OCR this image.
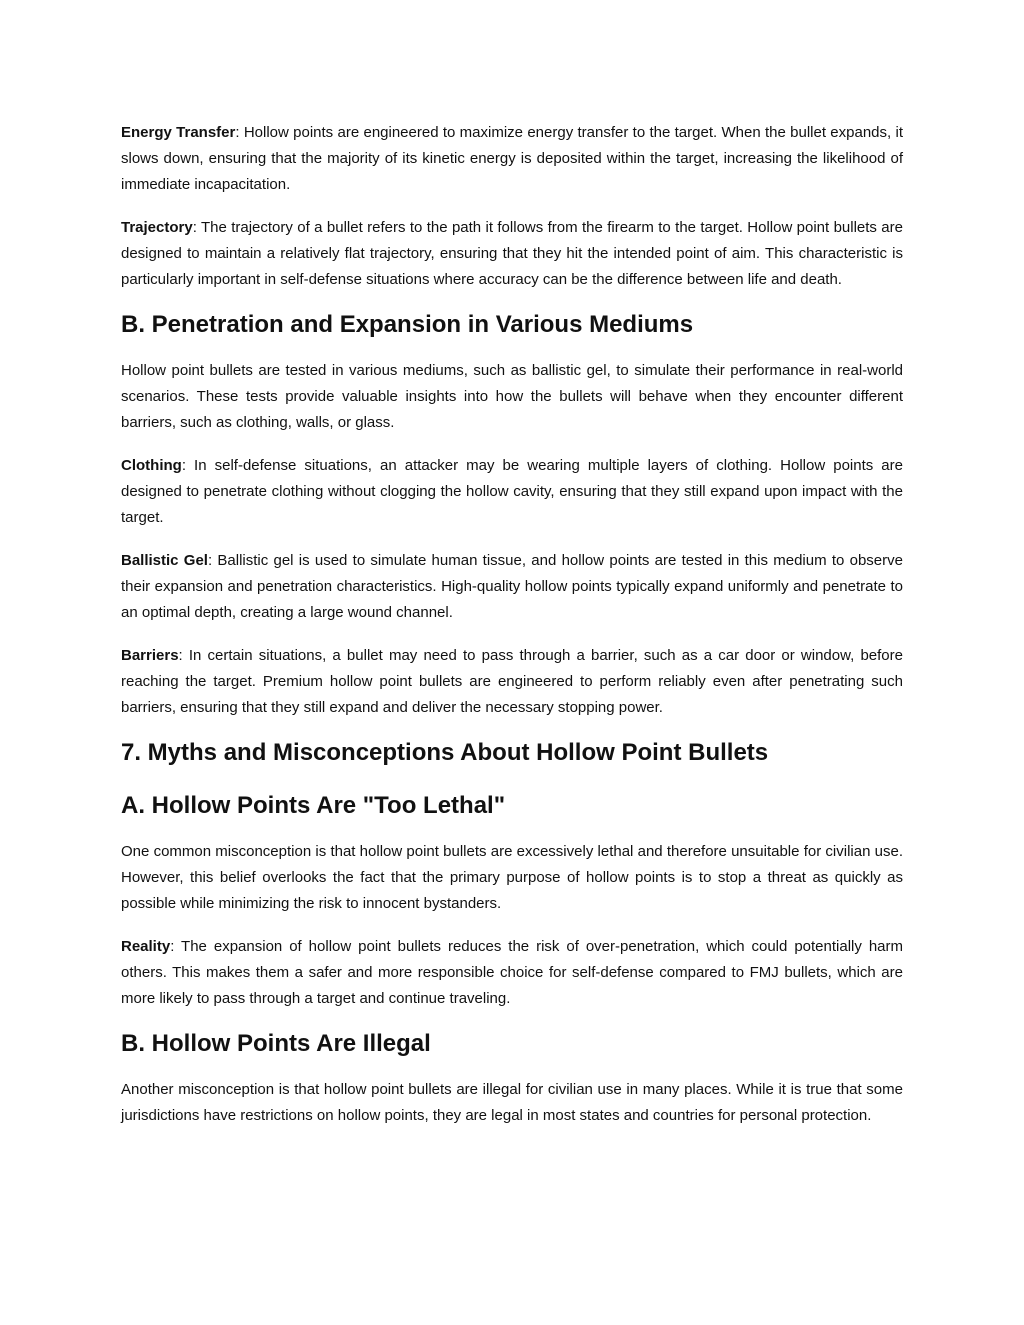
Energy Transfer: Hollow points are engineered to maximize energy transfer to the target. When the bullet expands, it slows down, ensuring that the majority of its kinetic energy is deposited within the target, increasing the likelihood of immediate incapacitation.

Trajectory: The trajectory of a bullet refers to the path it follows from the firearm to the target. Hollow point bullets are designed to maintain a relatively flat trajectory, ensuring that they hit the intended point of aim. This characteristic is particularly important in self-defense situations where accuracy can be the difference between life and death.

B. Penetration and Expansion in Various Mediums

Hollow point bullets are tested in various mediums, such as ballistic gel, to simulate their performance in real-world scenarios. These tests provide valuable insights into how the bullets will behave when they encounter different barriers, such as clothing, walls, or glass.

Clothing: In self-defense situations, an attacker may be wearing multiple layers of clothing. Hollow points are designed to penetrate clothing without clogging the hollow cavity, ensuring that they still expand upon impact with the target.

Ballistic Gel: Ballistic gel is used to simulate human tissue, and hollow points are tested in this medium to observe their expansion and penetration characteristics. High-quality hollow points typically expand uniformly and penetrate to an optimal depth, creating a large wound channel.

Barriers: In certain situations, a bullet may need to pass through a barrier, such as a car door or window, before reaching the target. Premium hollow point bullets are engineered to perform reliably even after penetrating such barriers, ensuring that they still expand and deliver the necessary stopping power.

7. Myths and Misconceptions About Hollow Point Bullets
A. Hollow Points Are "Too Lethal"

One common misconception is that hollow point bullets are excessively lethal and therefore unsuitable for civilian use. However, this belief overlooks the fact that the primary purpose of hollow points is to stop a threat as quickly as possible while minimizing the risk to innocent bystanders.

Reality: The expansion of hollow point bullets reduces the risk of over-penetration, which could potentially harm others. This makes them a safer and more responsible choice for self-defense compared to FMJ bullets, which are more likely to pass through a target and continue traveling.

B. Hollow Points Are Illegal

Another misconception is that hollow point bullets are illegal for civilian use in many places. While it is true that some jurisdictions have restrictions on hollow points, they are legal in most states and countries for personal protection.
